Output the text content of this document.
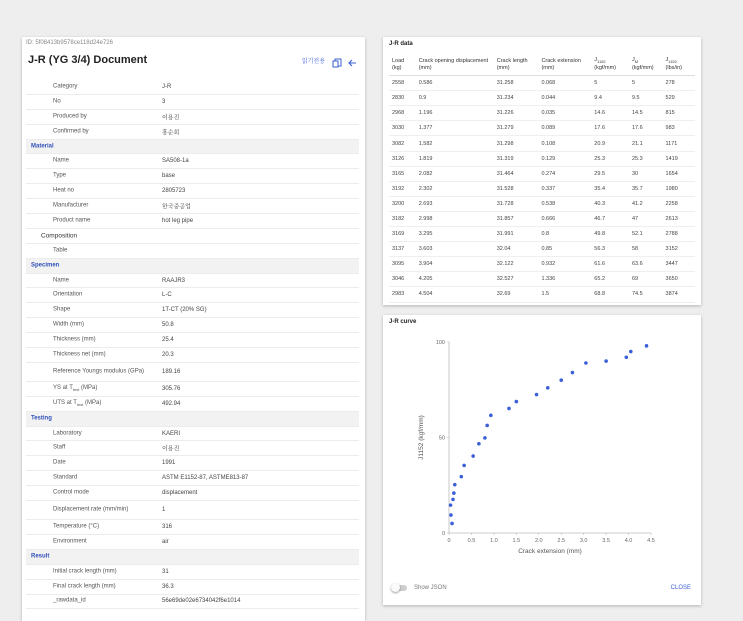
ID: 5f08413b9578ce118d24e726
J-R (YG 3/4) Document	읽기전용
Category	J-R
No	3
Produced by	이용진
Confirmed by	홍순회
Material
Name	SA508-1a
Type	base
Heat no	2805723
Manufacturer	한국중공업
Product name	hot leg pipe
Composition
Table
Specimen
Name	RAAJR3
Orientation	L-C
Shape	1T-CT (20% SG)
Width (mm)	50.8
Thickness (mm)	25.4
Thickness net (mm)	20.3
Reference Youngs modulus (GPa)	189.16
YS at $T_{test}$ (MPa)	305.76
UTS at $T_{test}$ (MPa)	492.94
Testing
Laboratory	KAERI
Staff	이용진
Date	1991
Standard	ASTM E1152-87, ASTME813-87
Control mode	displacement
Displacement rate (mm/min)	1
Temperature (°C)	316
Environment	air
Result
Initial crack length (mm)	31
Final crack length (mm)	36.3
_rawdata_id	56e69de02e6734042f6e1014
J-R data
Load (kg)	Crack opening displacement (mm)	Crack length (mm)	Crack extension (mm)	$J_{1152}$ (kgf/mm)	$J_M$ (kgf/mm)	$J_{1152}$ (lbs/in)
2558	0.586	31.258	0.068	5	5	278
2830	0.9	31.234	0.044	9.4	9.5	529
2968	1.196	31.226	0.035	14.6	14.5	815
3030	1.377	31.279	0.089	17.6	17.6	983
3082	1.582	31.298	0.108	20.9	21.1	1171
3126	1.819	31.319	0.129	25.3	25.3	1419
3165	2.082	31.464	0.274	29.5	30	1654
3192	2.302	31.528	0.337	35.4	35.7	1980
3200	2.693	31.728	0.538	40.3	41.2	2258
3182	2.998	31.857	0.666	46.7	47	2613
3169	3.295	31.991	0.8	49.8	52.1	2788
3137	3.603	32.04	0.85	56.3	58	3152
3095	3.904	32.122	0.932	61.6	63.6	3447
3046	4.205	32.527	1.336	65.2	69	3650
2983	4.504	32.69	1.5	68.8	74.5	3874
J-R curve
0	0.5	1.0	1.5	2.0	2.5	3.0	3.5	4.0	4.5
0
50
100
Crack extension (mm)
J1152 (kgf/mm)
Show JSON	CLOSE
